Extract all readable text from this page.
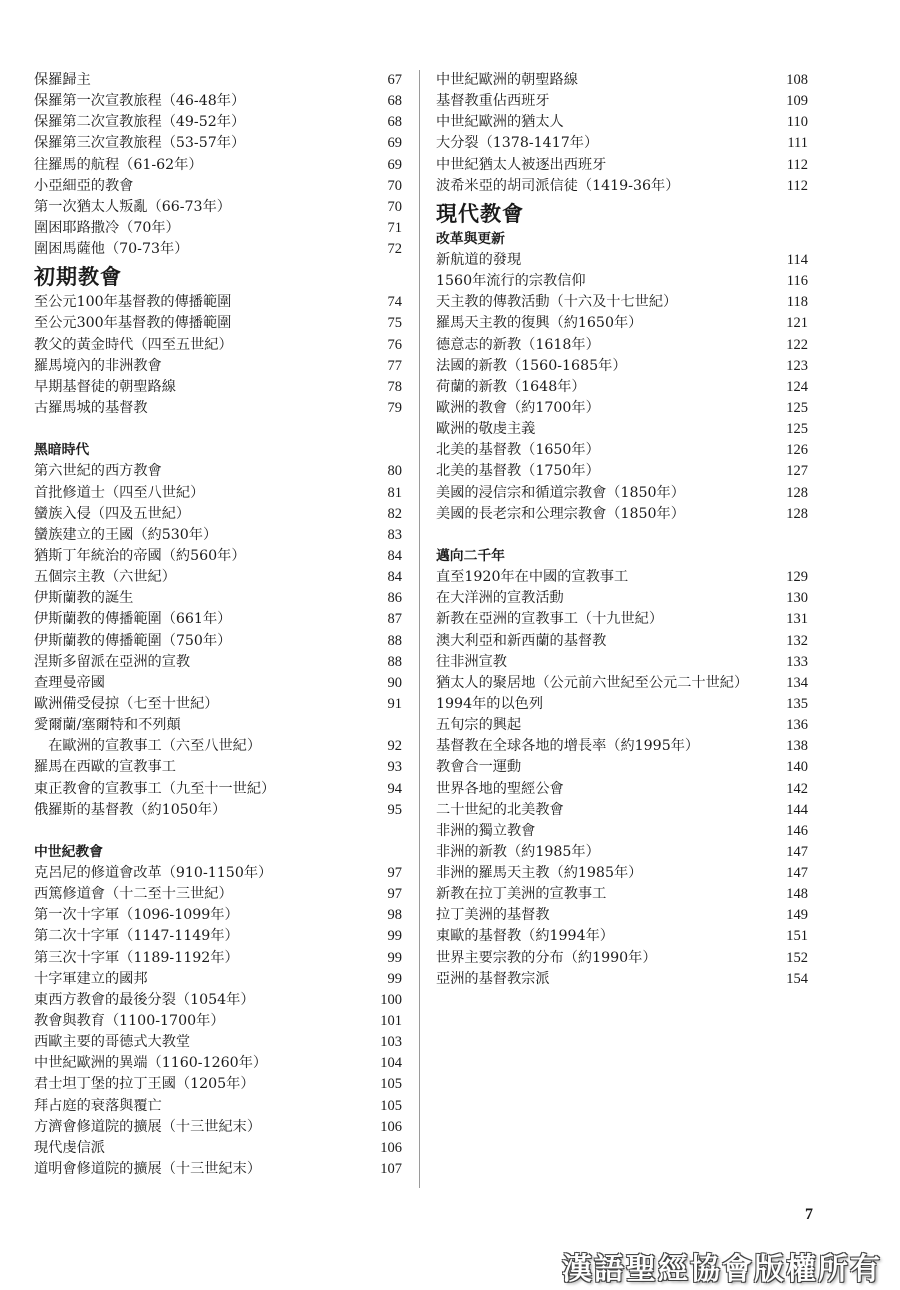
保羅歸主	67
保羅第一次宣教旅程（46-48年）	68
保羅第二次宣教旅程（49-52年）	68
保羅第三次宣教旅程（53-57年）	69
往羅馬的航程（61-62年）	69
小亞細亞的教會	70
第一次猶太人叛亂（66-73年）	70
圍困耶路撒冷（70年）	71
圍困馬薩他（70-73年）	72
初期教會
至公元100年基督教的傳播範圍	74
至公元300年基督教的傳播範圍	75
教父的黃金時代（四至五世紀）	76
羅馬境內的非洲教會	77
早期基督徒的朝聖路線	78
古羅馬城的基督教	79
黑暗時代
第六世紀的西方教會	80
首批修道士（四至八世紀）	81
蠻族入侵（四及五世紀）	82
蠻族建立的王國（約530年）	83
猶斯丁年統治的帝國（約560年）	84
五個宗主教（六世紀）	84
伊斯蘭教的誕生	86
伊斯蘭教的傳播範圍（661年）	87
伊斯蘭教的傳播範圍（750年）	88
涅斯多留派在亞洲的宣教	88
查理曼帝國	90
歐洲備受侵掠（七至十世紀）	91
愛爾蘭/塞爾特和不列顛
　在歐洲的宣教事工（六至八世紀）	92
羅馬在西歐的宣教事工	93
東正教會的宣教事工（九至十一世紀）	94
俄羅斯的基督教（約1050年）	95
中世紀教會
克呂尼的修道會改革（910-1150年）	97
西篤修道會（十二至十三世紀）	97
第一次十字軍（1096-1099年）	98
第二次十字軍（1147-1149年）	99
第三次十字軍（1189-1192年）	99
十字軍建立的國邦	99
東西方教會的最後分裂（1054年）	100
教會與教育（1100-1700年）	101
西歐主要的哥德式大教堂	103
中世紀歐洲的異端（1160-1260年）	104
君士坦丁堡的拉丁王國（1205年）	105
拜占庭的衰落與覆亡	105
方濟會修道院的擴展（十三世紀末）	106
現代虔信派	106
道明會修道院的擴展（十三世紀末）	107
中世紀歐洲的朝聖路線	108
基督教重佔西班牙	109
中世紀歐洲的猶太人	110
大分裂（1378-1417年）	111
中世紀猶太人被逐出西班牙	112
波希米亞的胡司派信徒（1419-36年）	112
現代教會
改革與更新
新航道的發現	114
1560年流行的宗教信仰	116
天主教的傳教活動（十六及十七世紀）	118
羅馬天主教的復興（約1650年）	121
德意志的新教（1618年）	122
法國的新教（1560-1685年）	123
荷蘭的新教（1648年）	124
歐洲的教會（約1700年）	125
歐洲的敬虔主義	125
北美的基督教（1650年）	126
北美的基督教（1750年）	127
美國的浸信宗和循道宗教會（1850年）	128
美國的長老宗和公理宗教會（1850年）	128
邁向二千年
直至1920年在中國的宣教事工	129
在大洋洲的宣教活動	130
新教在亞洲的宣教事工（十九世紀）	131
澳大利亞和新西蘭的基督教	132
往非洲宣教	133
猶太人的聚居地（公元前六世紀至公元二十世紀）	134
1994年的以色列	135
五旬宗的興起	136
基督教在全球各地的增長率（約1995年）	138
教會合一運動	140
世界各地的聖經公會	142
二十世紀的北美教會	144
非洲的獨立教會	146
非洲的新教（約1985年）	147
非洲的羅馬天主教（約1985年）	147
新教在拉丁美洲的宣教事工	148
拉丁美洲的基督教	149
東歐的基督教（約1994年）	151
世界主要宗教的分布（約1990年）	152
亞洲的基督教宗派	154
7
漢語聖經協會版權所有
